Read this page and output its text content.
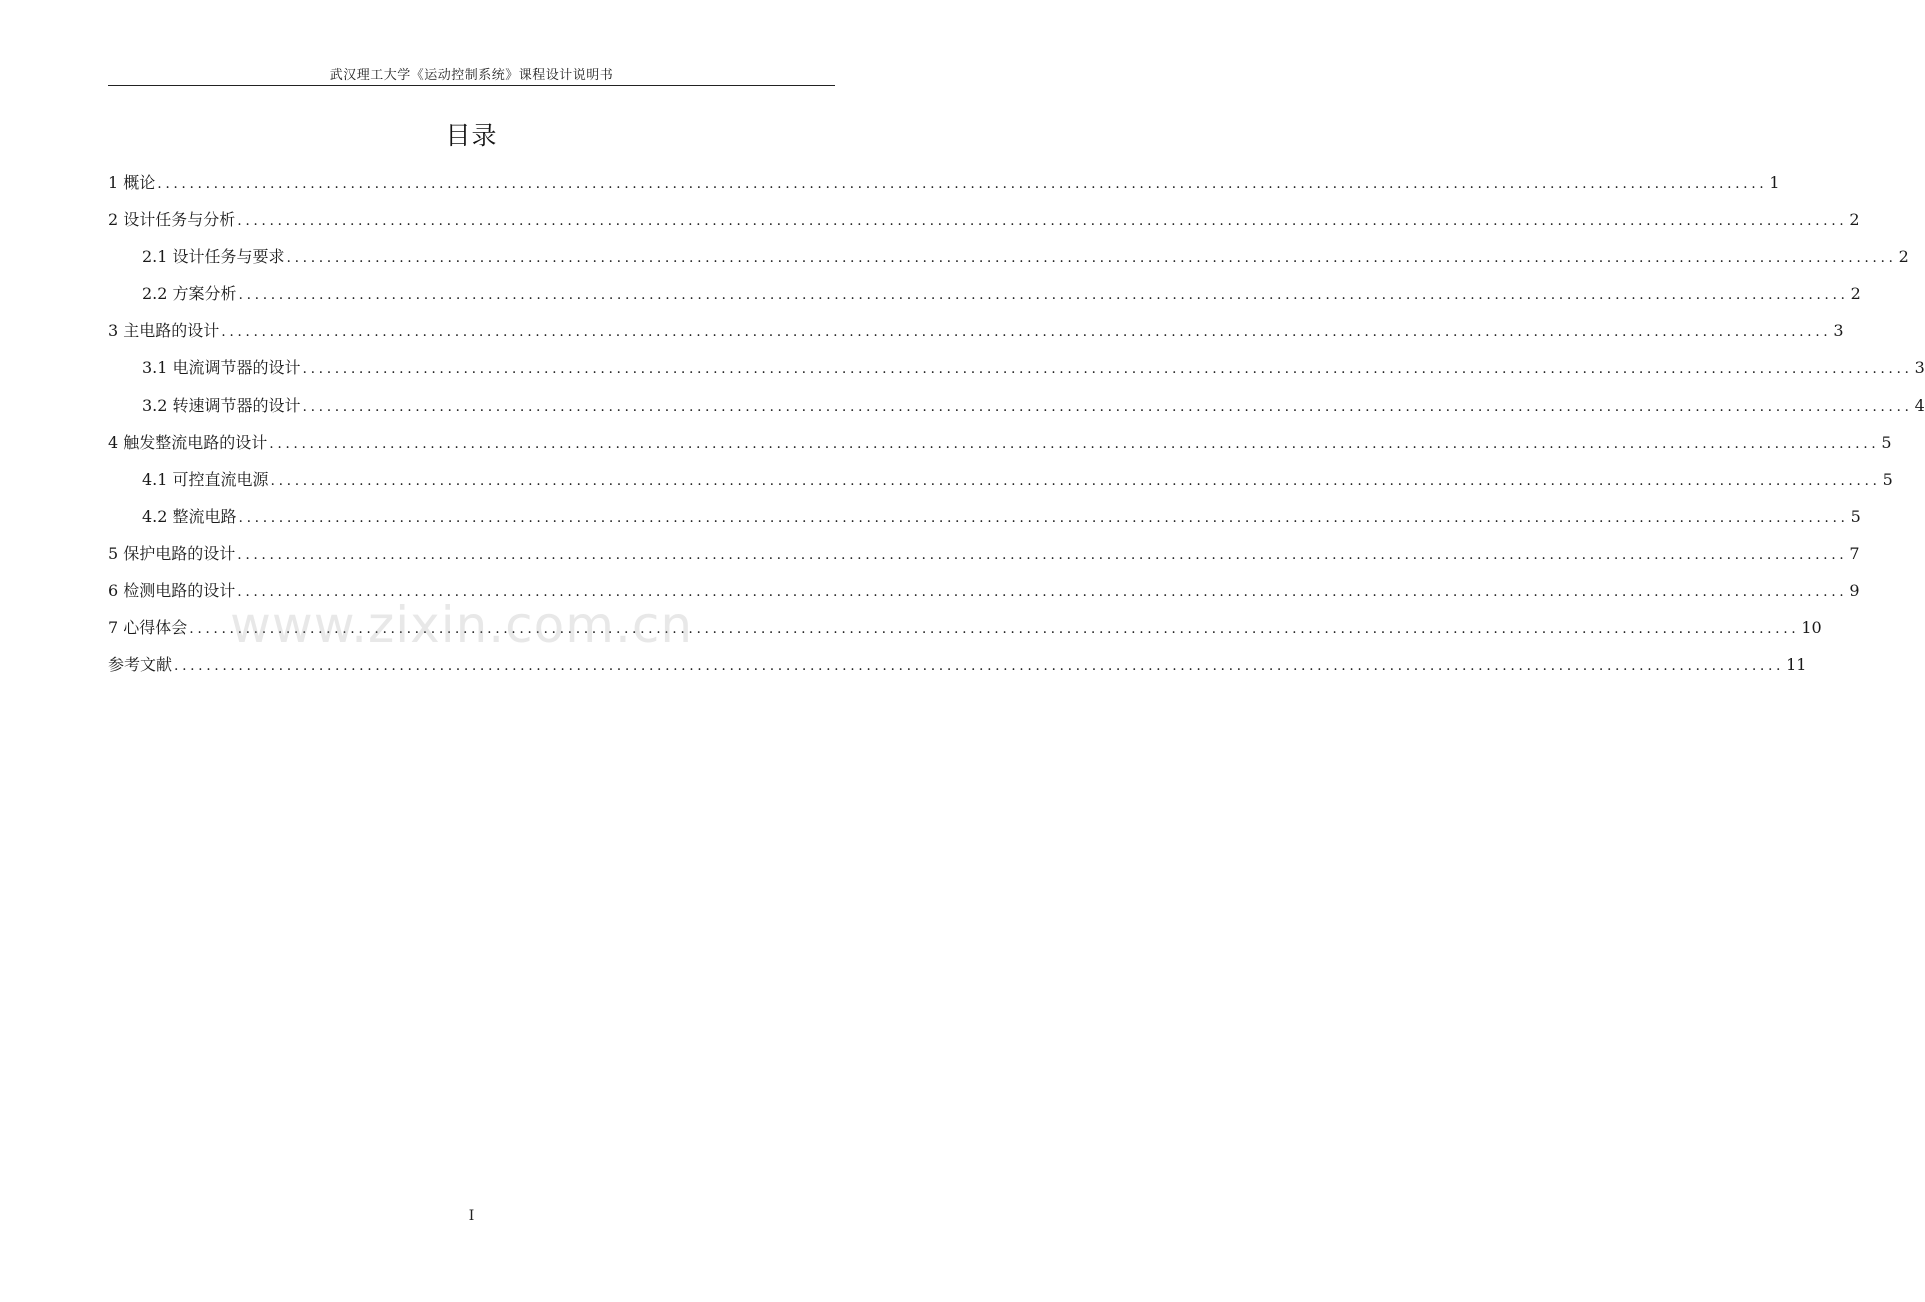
武汉理工大学《运动控制系统》课程设计说明书
目录
1 概论 ........................................................................................................................................................................................................ 1
2 设计任务与分析 ........................................................................................................................................................................................................ 2
2.1 设计任务与要求 ........................................................................................................................................................................................................ 2
2.2 方案分析 ........................................................................................................................................................................................................ 2
3 主电路的设计 ........................................................................................................................................................................................................ 3
3.1 电流调节器的设计 ........................................................................................................................................................................................................ 3
3.2 转速调节器的设计 ........................................................................................................................................................................................................ 4
4 触发整流电路的设计 ........................................................................................................................................................................................................ 5
4.1 可控直流电源 ........................................................................................................................................................................................................ 5
4.2 整流电路 ........................................................................................................................................................................................................ 5
5 保护电路的设计 ........................................................................................................................................................................................................ 7
6 检测电路的设计 ........................................................................................................................................................................................................ 9
7 心得体会 ........................................................................................................................................................................................................ 10
参考文献 ........................................................................................................................................................................................................ 11
www.zixin.com.cn
I
